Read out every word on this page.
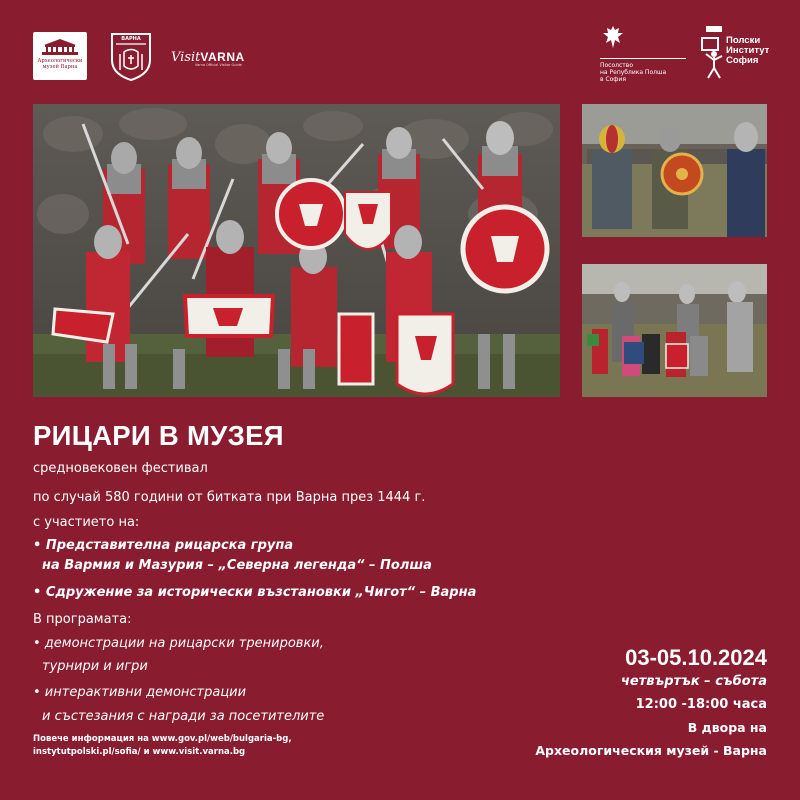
Археологически
музей Варна
ВАРНА
VisitVARNA
Varna Official Visitor Guide	Посолство
на Република Полша
в София
Полски
Институт
София
РИЦАРИ В МУЗЕЯ
средновековен фестивал
по случай 580 години от битката при Варна през 1444 г.
с участието на:
• Представителна рицарска група
на Вармия и Мазурия – „Северна легенда“ – Полша
• Сдружение за исторически възстановки „Чигот“ – Варна
В програмата:
• демонстрации на рицарски тренировки,
турнири и игри
• интерактивни демонстрации
и състезания с награди за посетителите
Повече информация на www.gov.pl/web/bulgaria-bg,
instytutpolski.pl/sofia/ и www.visit.varna.bg
03-05.10.2024
четвъртък – събота
12:00 -18:00 часа
В двора на
Археологическия музей - Варна
